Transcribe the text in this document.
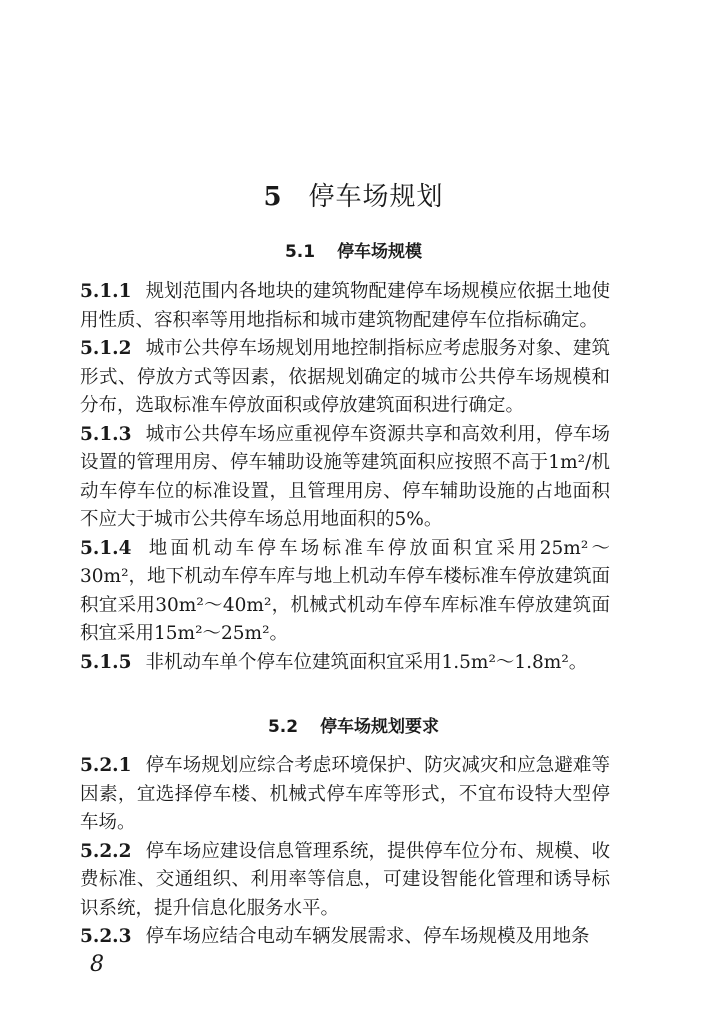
5 停车场规划
5.1 停车场规模

5.1.1 规划范围内各地块的建筑物配建停车场规模应依据土地使用性质、容积率等用地指标和城市建筑物配建停车位指标确定。

5.1.2 城市公共停车场规划用地控制指标应考虑服务对象、建筑形式、停放方式等因素，依据规划确定的城市公共停车场规模和分布，选取标准车停放面积或停放建筑面积进行确定。

5.1.3 城市公共停车场应重视停车资源共享和高效利用，停车场设置的管理用房、停车辅助设施等建筑面积应按照不高于1m²/机动车停车位的标准设置，且管理用房、停车辅助设施的占地面积不应大于城市公共停车场总用地面积的5%。

5.1.4 地面机动车停车场标准车停放面积宜采用25m²～30m²，地下机动车停车库与地上机动车停车楼标准车停放建筑面积宜采用30m²～40m²，机械式机动车停车库标准车停放建筑面积宜采用15m²～25m²。

5.1.5 非机动车单个停车位建筑面积宜采用1.5m²～1.8m²。

5.2 停车场规划要求

5.2.1 停车场规划应综合考虑环境保护、防灾减灾和应急避难等因素，宜选择停车楼、机械式停车库等形式，不宜布设特大型停车场。

5.2.2 停车场应建设信息管理系统，提供停车位分布、规模、收费标准、交通组织、利用率等信息，可建设智能化管理和诱导标识系统，提升信息化服务水平。

5.2.3 停车场应结合电动车辆发展需求、停车场规模及用地条

8
